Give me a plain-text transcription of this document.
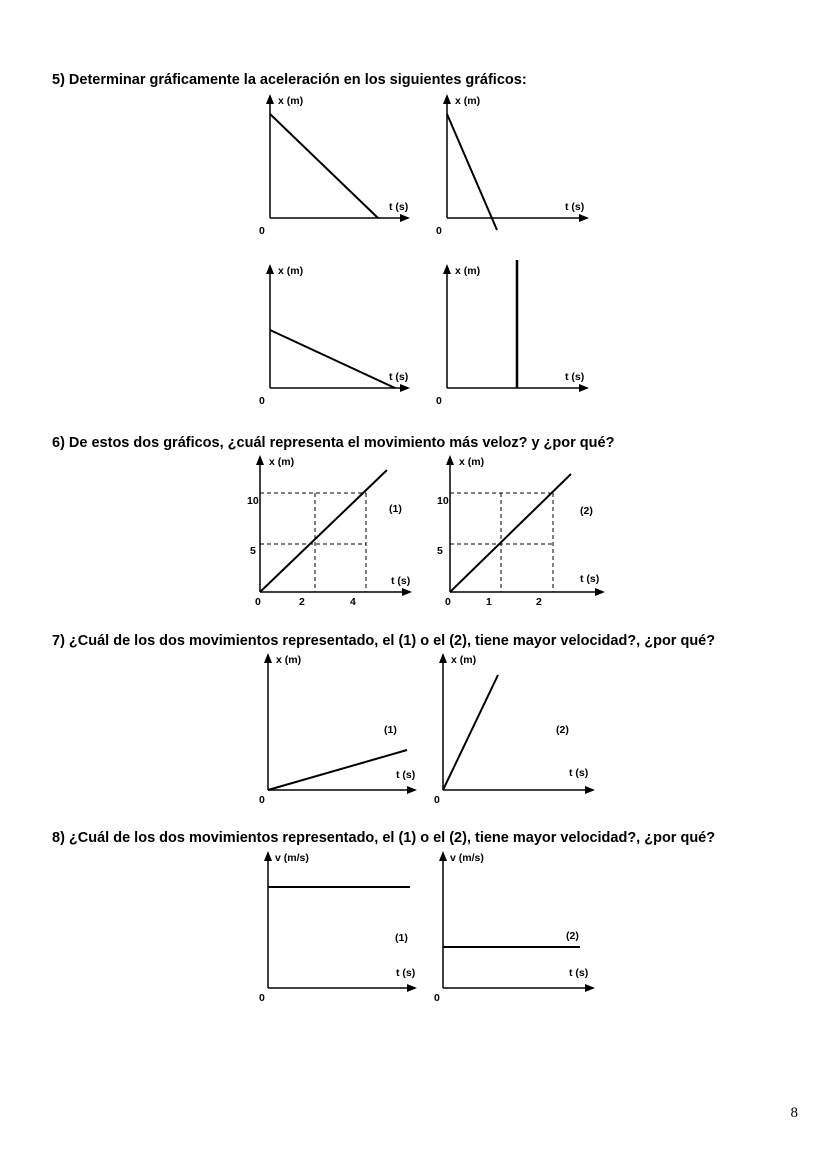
5) Determinar gráficamente la aceleración en los siguientes gráficos:
x (m)
t (s)
0
x (m)
t (s)
0
x (m)
t (s)
0
x (m)
t (s)
0
6) De estos dos gráficos, ¿cuál representa el movimiento más veloz? y ¿por qué?
x (m)
10
5
(1)
t (s)
0	2	4
x (m)
10
5
(2)
t (s)
0	1	2
7) ¿Cuál de los dos movimientos representado, el (1) o el (2), tiene mayor velocidad?, ¿por qué?
x (m)
(1)
t (s)
0
x (m)
(2)
t (s)
0
8) ¿Cuál de los dos movimientos representado, el (1) o el (2), tiene mayor velocidad?, ¿por qué?
v (m/s)
(1)
t (s)
0
v (m/s)
(2)
t (s)
0
8
